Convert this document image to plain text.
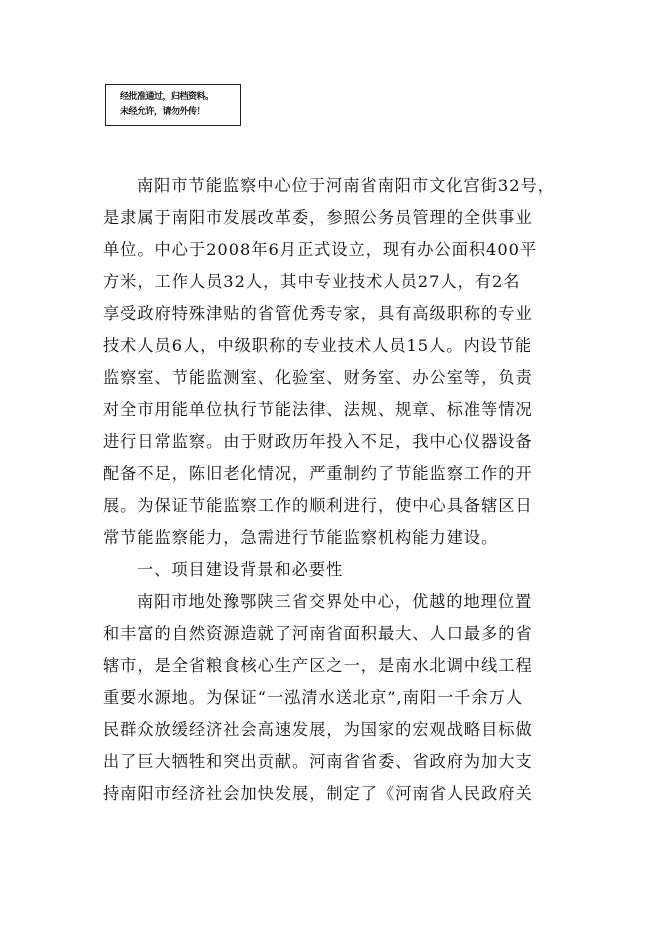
经批准通过，归档资料。
未经允许，请勿外传！
南阳市节能监察中心位于河南省南阳市文化宫街32号，
是隶属于南阳市发展改革委，参照公务员管理的全供事业
单位。中心于2008年6月正式设立，现有办公面积400平
方米，工作人员32人，其中专业技术人员27人，有2名
享受政府特殊津贴的省管优秀专家，具有高级职称的专业
技术人员6人，中级职称的专业技术人员15人。内设节能
监察室、节能监测室、化验室、财务室、办公室等，负责
对全市用能单位执行节能法律、法规、规章、标准等情况
进行日常监察。由于财政历年投入不足，我中心仪器设备
配备不足，陈旧老化情况，严重制约了节能监察工作的开
展。为保证节能监察工作的顺利进行，使中心具备辖区日
常节能监察能力，急需进行节能监察机构能力建设。
一、项目建设背景和必要性
南阳市地处豫鄂陕三省交界处中心，优越的地理位置
和丰富的自然资源造就了河南省面积最大、人口最多的省
辖市，是全省粮食核心生产区之一，是南水北调中线工程
重要水源地。为保证“一泓清水送北京”,南阳一千余万人
民群众放缓经济社会高速发展，为国家的宏观战略目标做
出了巨大牺牲和突出贡献。河南省省委、省政府为加大支
持南阳市经济社会加快发展，制定了《河南省人民政府关
